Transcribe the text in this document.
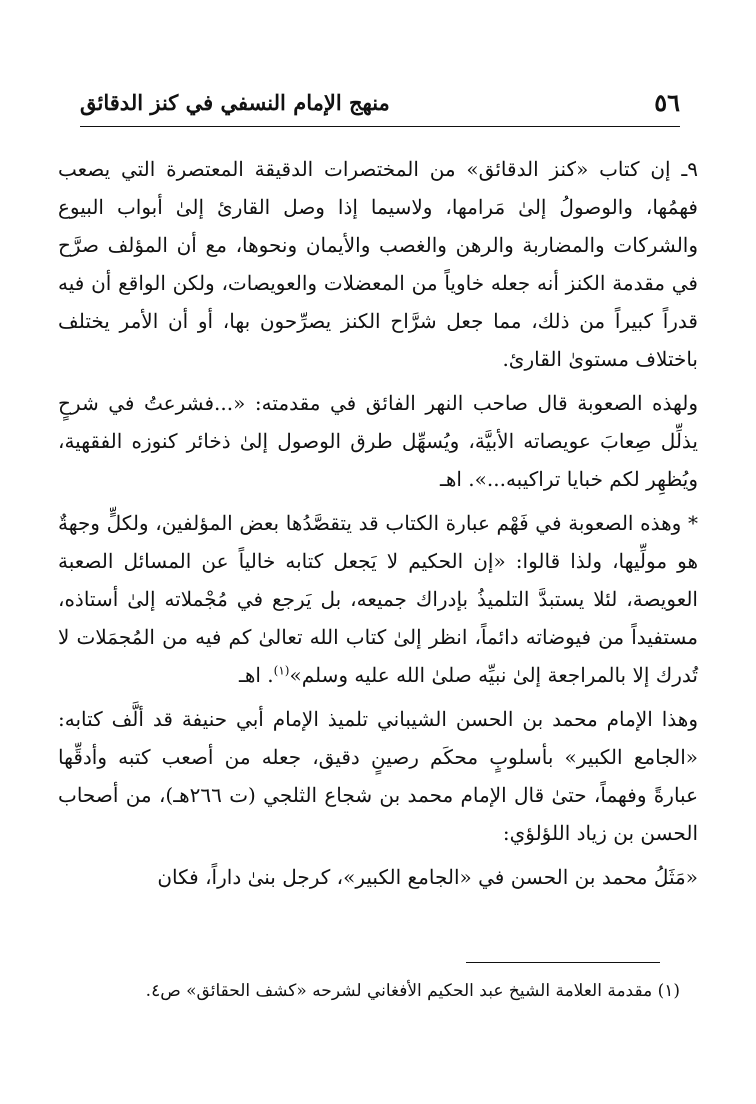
٥٦
منهج الإمام النسفي في كنز الدقائق

٩ـ إن كتاب «كنز الدقائق» من المختصرات الدقيقة المعتصرة التي يصعب فهمُها، والوصولُ إلىٰ مَرامها، ولاسيما إذا وصل القارئ إلىٰ أبواب البيوع والشركات والمضاربة والرهن والغصب والأيمان ونحوها، مع أن المؤلف صرَّح في مقدمة الكنز أنه جعله خاوياً من المعضلات والعويصات، ولكن الواقع أن فيه قدراً كبيراً من ذلك، مما جعل شرَّاح الكنز يصرِّحون بها، أو أن الأمر يختلف باختلاف مستوىٰ القارئ.

ولهذه الصعوبة قال صاحب النهر الفائق في مقدمته: «...فشرعتُ في شرحٍ يذلِّل صِعابَ عويصاته الأبيَّة، ويُسهِّل طرق الوصول إلىٰ ذخائر كنوزه الفقهية، ويُظهِر لكم خبايا تراكيبه...». اهـ

* وهذه الصعوبة في فَهْم عبارة الكتاب قد يتقصَّدُها بعض المؤلفين، ولكلٍّ وجهةٌ هو مولِّيها، ولذا قالوا: «إن الحكيم لا يَجعل كتابه خالياً عن المسائل الصعبة العويصة، لئلا يستبدَّ التلميذُ بإدراك جميعه، بل يَرجع في مُجْملاته إلىٰ أستاذه، مستفيداً من فيوضاته دائماً، انظر إلىٰ كتاب الله تعالىٰ كم فيه من المُجمَلات لا تُدرك إلا بالمراجعة إلىٰ نبيِّه صلىٰ الله عليه وسلم»$^{(١)}$. اهـ

وهذا الإمام محمد بن الحسن الشيباني تلميذ الإمام أبي حنيفة قد ألَّف كتابه: «الجامع الكبير» بأسلوبٍ محكَم رصينٍ دقيق، جعله من أصعب كتبه وأدقِّها عبارةً وفهماً، حتىٰ قال الإمام محمد بن شجاع الثلجي (ت ٢٦٦هـ)، من أصحاب الحسن بن زياد اللؤلؤي:

«مَثَلُ محمد بن الحسن في «الجامع الكبير»، كرجل بنىٰ داراً، فكان

(١) مقدمة العلامة الشيخ عبد الحكيم الأفغاني لشرحه «كشف الحقائق» ص٤.
